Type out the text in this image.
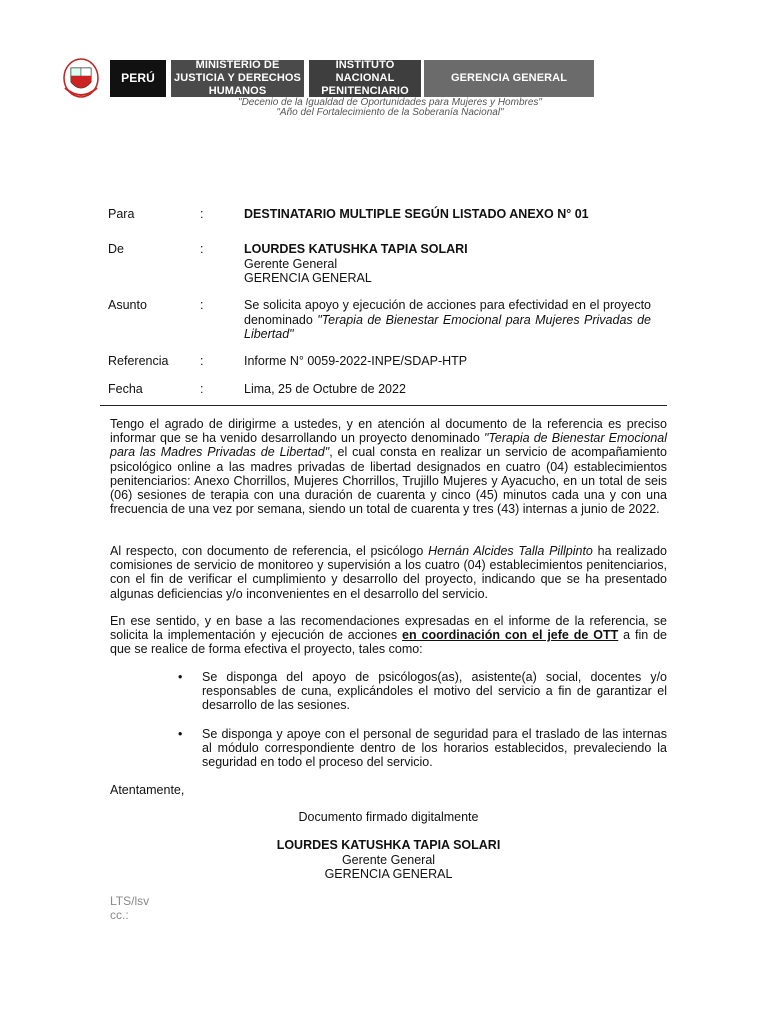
PERÚ
MINISTERIO DE JUSTICIA Y DERECHOS HUMANOS
INSTITUTO NACIONAL PENITENCIARIO
GERENCIA GENERAL
"Decenio de la Igualdad de Oportunidades para Mujeres y Hombres"
"Año del Fortalecimiento de la Soberanía Nacional"
Para	:	DESTINATARIO MULTIPLE SEGÚN LISTADO ANEXO N° 01
De	:	LOURDES KATUSHKA TAPIA SOLARI
Gerente General
GERENCIA GENERAL
Asunto	:	Se solicita apoyo y ejecución de acciones para efectividad en el proyecto denominado "Terapia de Bienestar Emocional para Mujeres Privadas de Libertad"
Referencia	:	Informe N° 0059-2022-INPE/SDAP-HTP
Fecha	:	Lima, 25 de Octubre de 2022
Tengo el agrado de dirigirme a ustedes, y en atención al documento de la referencia es preciso informar que se ha venido desarrollando un proyecto denominado "Terapia de Bienestar Emocional para las Madres Privadas de Libertad", el cual consta en realizar un servicio de acompañamiento psicológico online a las madres privadas de libertad designados en cuatro (04) establecimientos penitenciarios: Anexo Chorrillos, Mujeres Chorrillos, Trujillo Mujeres y Ayacucho, en un total de seis (06) sesiones de terapia con una duración de cuarenta y cinco (45) minutos cada una y con una frecuencia de una vez por semana, siendo un total de cuarenta y tres (43) internas a junio de 2022.
Al respecto, con documento de referencia, el psicólogo Hernán Alcides Talla Pillpinto ha realizado comisiones de servicio de monitoreo y supervisión a los cuatro (04) establecimientos penitenciarios, con el fin de verificar el cumplimiento y desarrollo del proyecto, indicando que se ha presentado algunas deficiencias y/o inconvenientes en el desarrollo del servicio.
En ese sentido, y en base a las recomendaciones expresadas en el informe de la referencia, se solicita la implementación y ejecución de acciones en coordinación con el jefe de OTT a fin de que se realice de forma efectiva el proyecto, tales como:
• Se disponga del apoyo de psicólogos(as), asistente(a) social, docentes y/o responsables de cuna, explicándoles el motivo del servicio a fin de garantizar el desarrollo de las sesiones.
• Se disponga y apoye con el personal de seguridad para el traslado de las internas al módulo correspondiente dentro de los horarios establecidos, prevaleciendo la seguridad en todo el proceso del servicio.
Atentamente,
Documento firmado digitalmente
LOURDES KATUSHKA TAPIA SOLARI
Gerente General
GERENCIA GENERAL
LTS/lsv
cc.:
